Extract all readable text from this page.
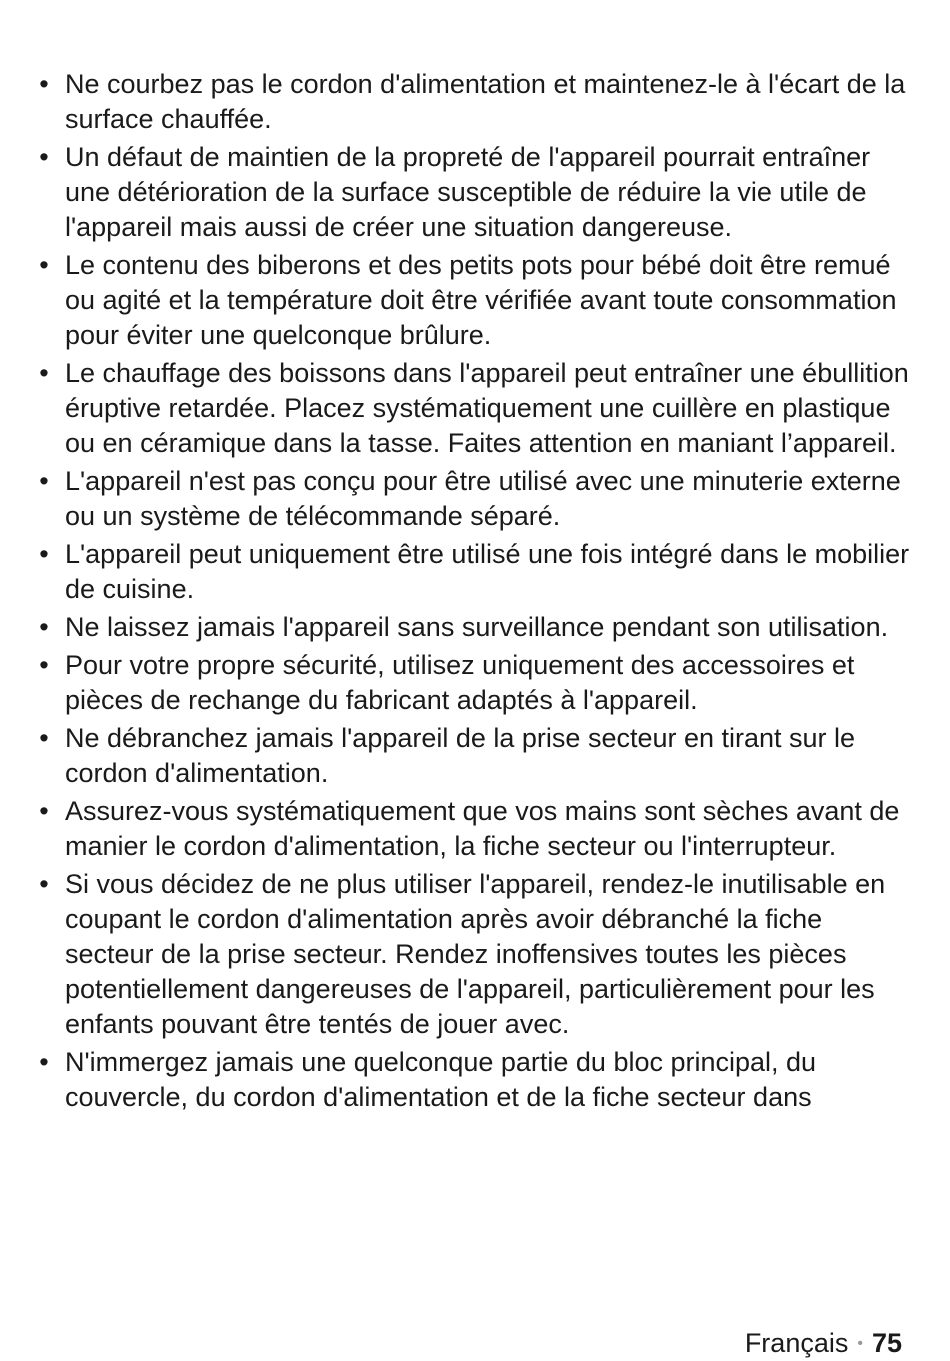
• Ne courbez pas le cordon d'alimentation et maintenez-le à l'écart de la surface chauffée.
• Un défaut de maintien de la propreté de l'appareil pourrait entraîner une détérioration de la surface susceptible de réduire la vie utile de l'appareil mais aussi de créer une situation dangereuse.
• Le contenu des biberons et des petits pots pour bébé doit être remué ou agité et la température doit être vérifiée avant toute consommation pour éviter une quelconque brûlure.
• Le chauffage des boissons dans l'appareil peut entraîner une ébullition éruptive retardée. Placez systématiquement une cuillère en plastique ou en céramique dans la tasse. Faites attention en maniant l’appareil.
• L'appareil n'est pas conçu pour être utilisé avec une minuterie externe ou un système de télécommande séparé.
• L'appareil peut uniquement être utilisé une fois intégré dans le mobilier de cuisine.
• Ne laissez jamais l'appareil sans surveillance pendant son utilisation.
• Pour votre propre sécurité, utilisez uniquement des accessoires et pièces de rechange du fabricant adaptés à l'appareil.
• Ne débranchez jamais l'appareil de la prise secteur en tirant sur le cordon d'alimentation.
• Assurez-vous systématiquement que vos mains sont sèches avant de manier le cordon d'alimentation, la fiche secteur ou l'interrupteur.
• Si vous décidez de ne plus utiliser l'appareil, rendez-le inutilisable en coupant le cordon d'alimentation après avoir débranché la fiche secteur de la prise secteur. Rendez inoffensives toutes les pièces potentiellement dangereuses de l'appareil, particulièrement pour les enfants pouvant être tentés de jouer avec.
• N'immergez jamais une quelconque partie du bloc principal, du couvercle, du cordon d'alimentation et de la fiche secteur dans
Français • 75
